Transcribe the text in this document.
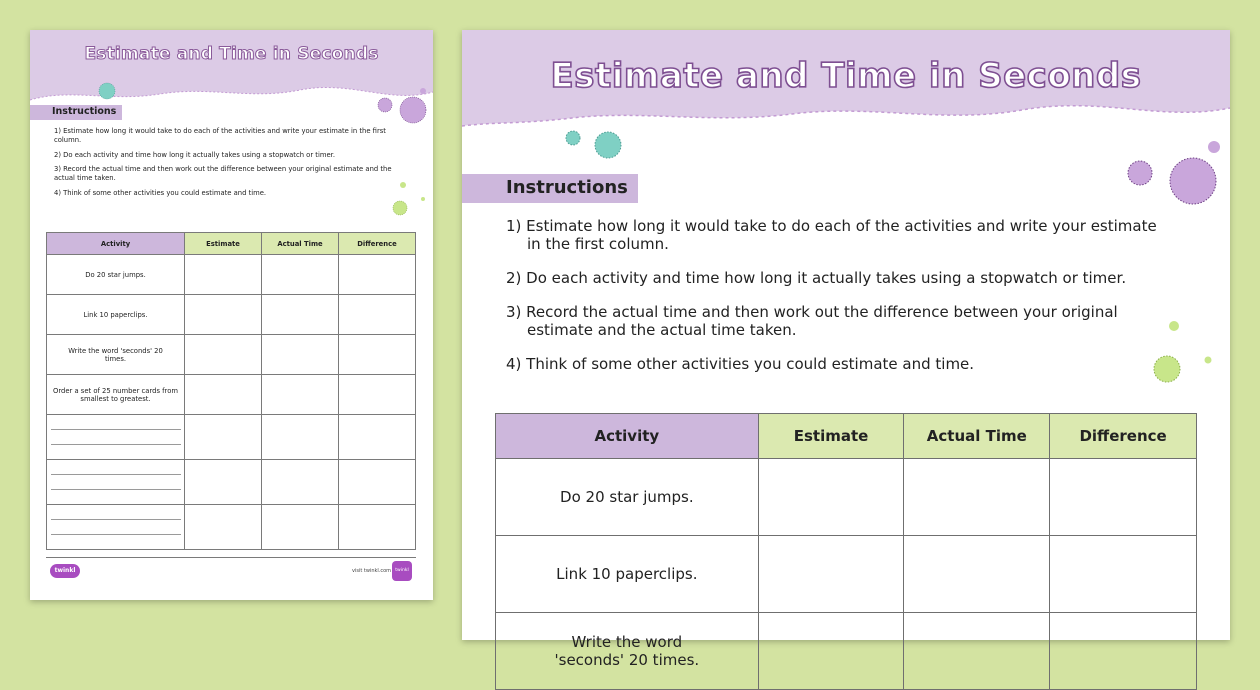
Estimate and Time in Seconds
Instructions
1) Estimate how long it would take to do each of the activities and write your estimate in the first column.
2) Do each activity and time how long it actually takes using a stopwatch or timer.
3) Record the actual time and then work out the difference between your original estimate and the actual time taken.
4) Think of some other activities you could estimate and time.
Activity	Estimate	Actual Time	Difference
Do 20 star jumps.			
Link 10 paperclips.			
Write the word 'seconds' 20 times.			
Order a set of 25 number cards from smallest to greatest.			

twinkl	visit twinkl.com twinkl
Estimate and Time in Seconds
Instructions
1) Estimate how long it would take to do each of the activities and write your estimate in the first column.
2) Do each activity and time how long it actually takes using a stopwatch or timer.
3) Record the actual time and then work out the difference between your original estimate and the actual time taken.
4) Think of some other activities you could estimate and time.
Activity	Estimate	Actual Time	Difference
Do 20 star jumps.			
Link 10 paperclips.			
Write the word 'seconds' 20 times.			
